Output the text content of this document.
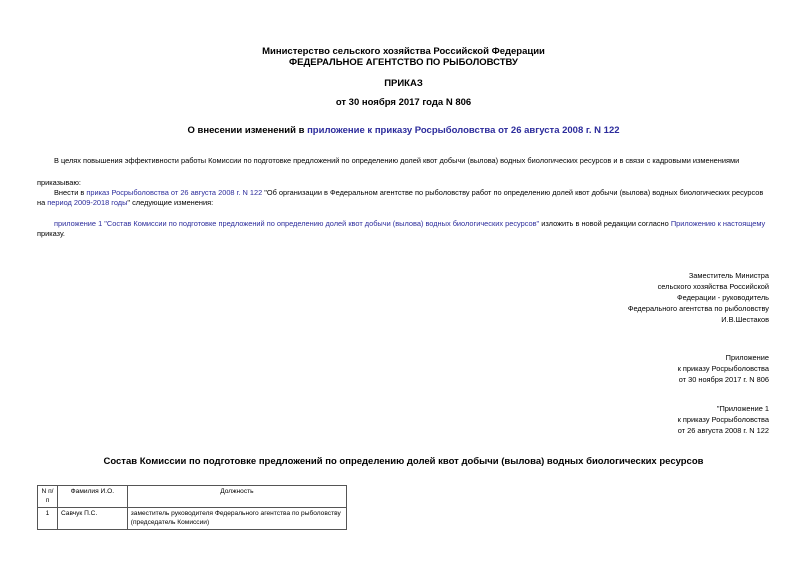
Министерство сельского хозяйства Российской Федерации
ФЕДЕРАЛЬНОЕ АГЕНТСТВО ПО РЫБОЛОВСТВУ
ПРИКАЗ
от 30 ноября 2017 года N 806
О внесении изменений в приложение к приказу Росрыболовства от 26 августа 2008 г. N 122
В целях повышения эффективности работы Комиссии по подготовке предложений по определению долей квот добычи (вылова) водных биологических ресурсов и в связи с кадровыми изменениями
приказываю:
Внести в приказ Росрыболовства от 26 августа 2008 г. N 122 "Об организации в Федеральном агентстве по рыболовству работ по определению долей квот добычи (вылова) водных биологических ресурсов на период 2009-2018 годы" следующие изменения:
приложение 1 "Состав Комиссии по подготовке предложений по определению долей квот добычи (вылова) водных биологических ресурсов" изложить в новой редакции согласно Приложению к настоящему
приказу.
Заместитель Министра
сельского хозяйства Российской
Федерации - руководитель
Федерального агентства по рыболовству
И.В.Шестаков
Приложение
к приказу Росрыболовства
от 30 ноября 2017 г. N 806
"Приложение 1
к приказу Росрыболовства
от 26 августа 2008 г. N 122
Состав Комиссии по подготовке предложений по определению долей квот добычи (вылова) водных биологических ресурсов
N п/п	Фамилия И.О.	Должность
1	Савчук П.С.	заместитель руководителя Федерального агентства по рыболовству (председатель Комиссии)
